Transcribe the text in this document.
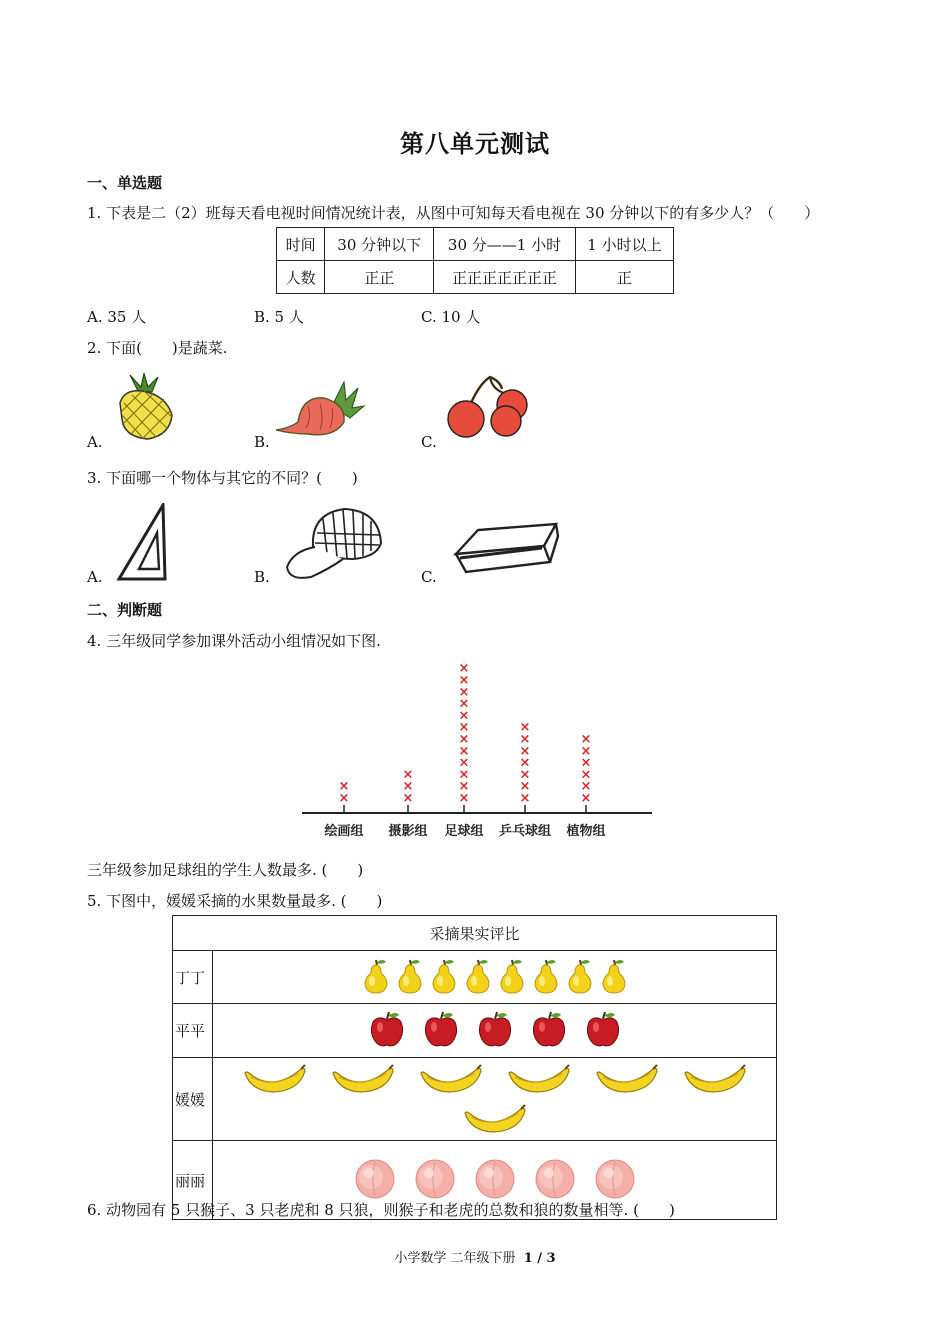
第八单元测试
一、单选题
1. 下表是二（2）班每天看电视时间情况统计表，从图中可知每天看电视在 30 分钟以下的有多少人？（　　）
时间	30 分钟以下	30 分——1 小时	1 小时以上
人数	正正	正正正正正正正	正
A. 35 人	B. 5 人	C. 10 人
2. 下面(　　)是蔬菜.
A.	B.	C.
3. 下面哪一个物体与其它的不同？(　　)
A.	B.	C.
二、判断题
4. 三年级同学参加课外活动小组情况如下图.
×
×
绘画组
×
×
×
摄影组
×
×
×
×
×
×
×
×
×
×
×
×
足球组
×
×
×
×
×
×
×
乒乓球组
×
×
×
×
×
×
植物组
三年级参加足球组的学生人数最多. (　　)
5. 下图中，媛媛采摘的水果数量最多. (　　)
采摘果实评比	
丁丁	
平平	
媛媛	
丽丽	
6. 动物园有 5 只猴子、3 只老虎和 8 只狼，则猴子和老虎的总数和狼的数量相等. (　　)
小学数学 二年级下册 1 / 3
